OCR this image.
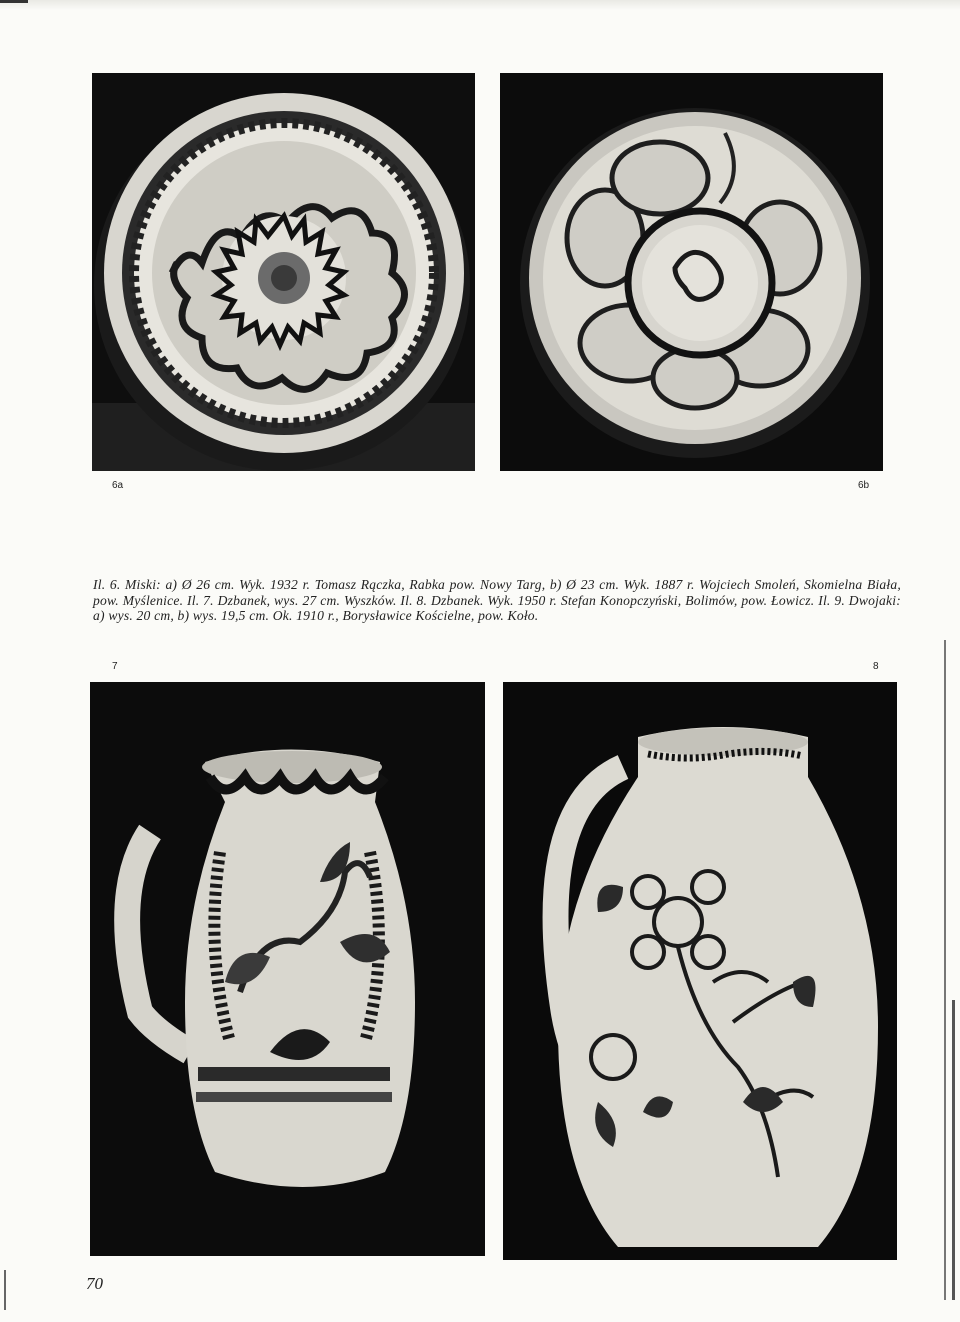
6a	6b
Il. 6. Miski: a) Ø 26 cm. Wyk. 1932 r. Tomasz Rączka, Rabka pow. Nowy Targ, b) Ø 23 cm. Wyk. 1887 r. Wojciech Smoleń, Skomielna Biała, pow. Myślenice. Il. 7. Dzbanek, wys. 27 cm. Wyszków. Il. 8. Dzbanek. Wyk. 1950 r. Stefan Konopczyński, Bolimów, pow. Łowicz. Il. 9. Dwojaki: a) wys. 20 cm, b) wys. 19,5 cm. Ok. 1910 r., Borysławice Kościelne, pow. Koło.
7	8
70
